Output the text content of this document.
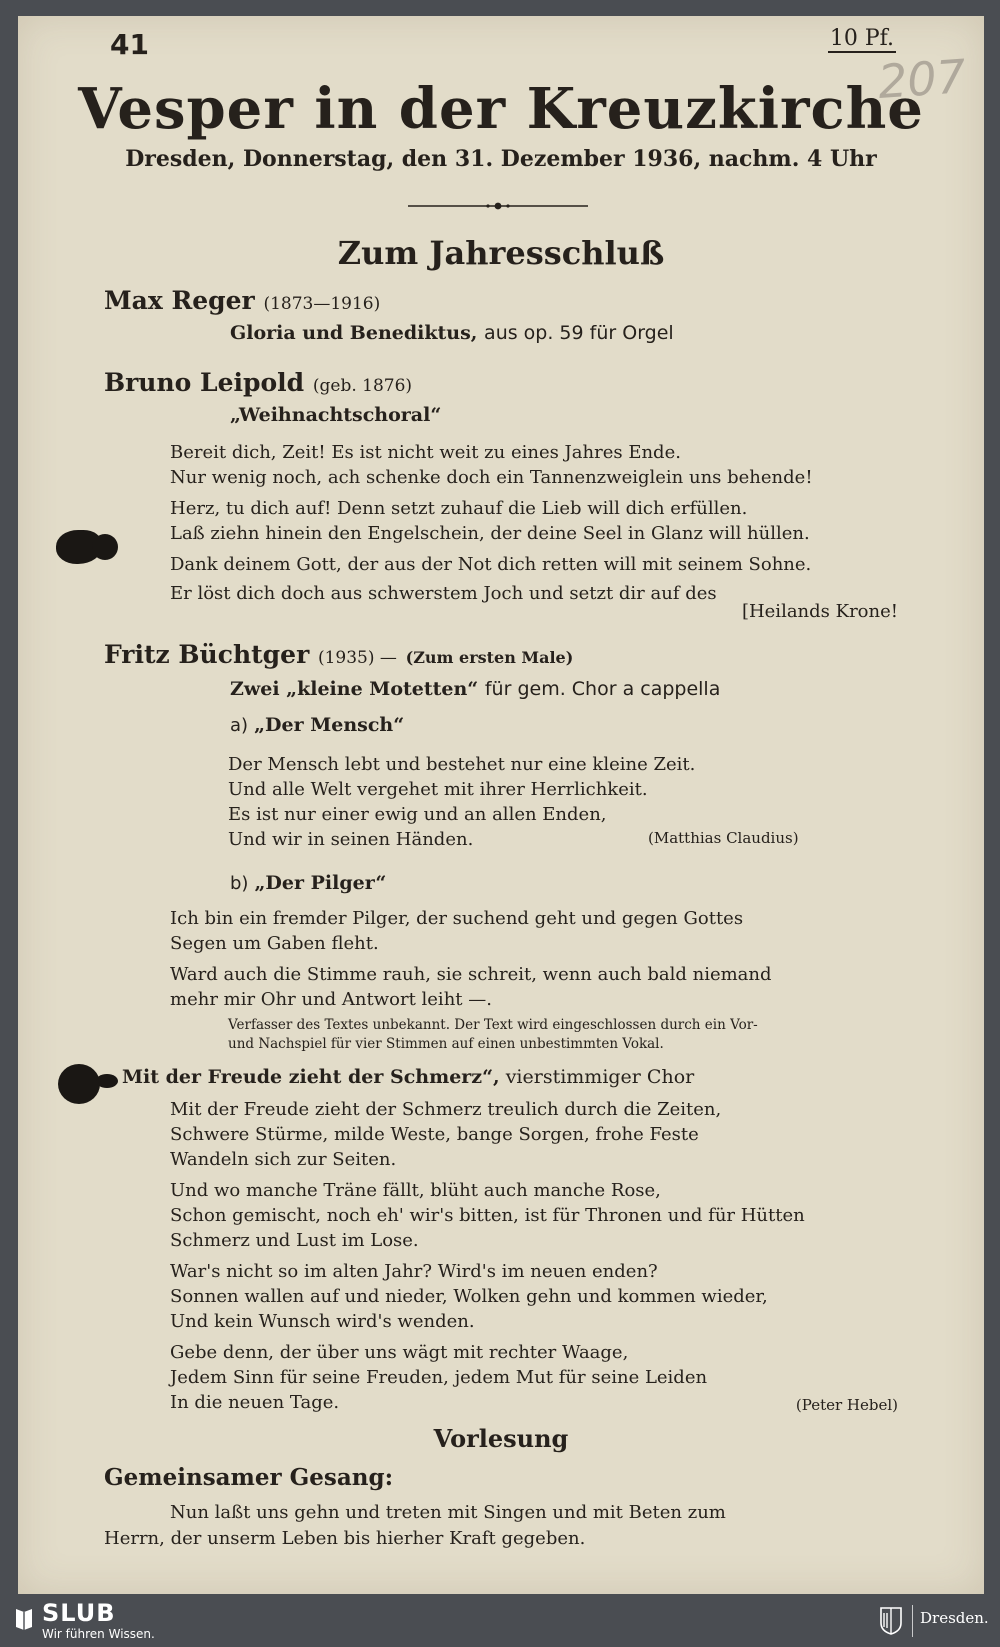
41	10 Pf.
207
Vesper in der Kreuzkirche
Dresden, Donnerstag, den 31. Dezember 1936, nachm. 4 Uhr
Zum Jahresschluß
Max Reger (1873—1916)
Gloria und Benediktus, aus op. 59 für Orgel
Bruno Leipold (geb. 1876)
„Weihnachtschoral“
Bereit dich, Zeit! Es ist nicht weit zu eines Jahres Ende.
Nur wenig noch, ach schenke doch ein Tannenzweiglein uns behende!
Herz, tu dich auf! Denn setzt zuhauf die Lieb will dich erfüllen.
Laß ziehn hinein den Engelschein, der deine Seel in Glanz will hüllen.
Dank deinem Gott, der aus der Not dich retten will mit seinem Sohne.
Er löst dich doch aus schwerstem Joch und setzt dir auf des
[Heilands Krone!
Fritz Büchtger (1935) — (Zum ersten Male)
Zwei „kleine Motetten“ für gem. Chor a cappella
a) „Der Mensch“
Der Mensch lebt und bestehet nur eine kleine Zeit.
Und alle Welt vergehet mit ihrer Herrlichkeit.
Es ist nur einer ewig und an allen Enden,
Und wir in seinen Händen.	(Matthias Claudius)
b) „Der Pilger“
Ich bin ein fremder Pilger, der suchend geht und gegen Gottes
Segen um Gaben fleht.
Ward auch die Stimme rauh, sie schreit, wenn auch bald niemand
mehr mir Ohr und Antwort leiht —.
Verfasser des Textes unbekannt. Der Text wird eingeschlossen durch ein Vor-
und Nachspiel für vier Stimmen auf einen unbestimmten Vokal.
Mit der Freude zieht der Schmerz“, vierstimmiger Chor
Mit der Freude zieht der Schmerz treulich durch die Zeiten,
Schwere Stürme, milde Weste, bange Sorgen, frohe Feste
Wandeln sich zur Seiten.
Und wo manche Träne fällt, blüht auch manche Rose,
Schon gemischt, noch eh' wir's bitten, ist für Thronen und für Hütten
Schmerz und Lust im Lose.
War's nicht so im alten Jahr? Wird's im neuen enden?
Sonnen wallen auf und nieder, Wolken gehn und kommen wieder,
Und kein Wunsch wird's wenden.
Gebe denn, der über uns wägt mit rechter Waage,
Jedem Sinn für seine Freuden, jedem Mut für seine Leiden
In die neuen Tage.	(Peter Hebel)
Vorlesung
Gemeinsamer Gesang:
Nun laßt uns gehn und treten mit Singen und mit Beten zum
Herrn, der unserm Leben bis hierher Kraft gegeben.
SLUB
Wir führen Wissen.
Dresden.
